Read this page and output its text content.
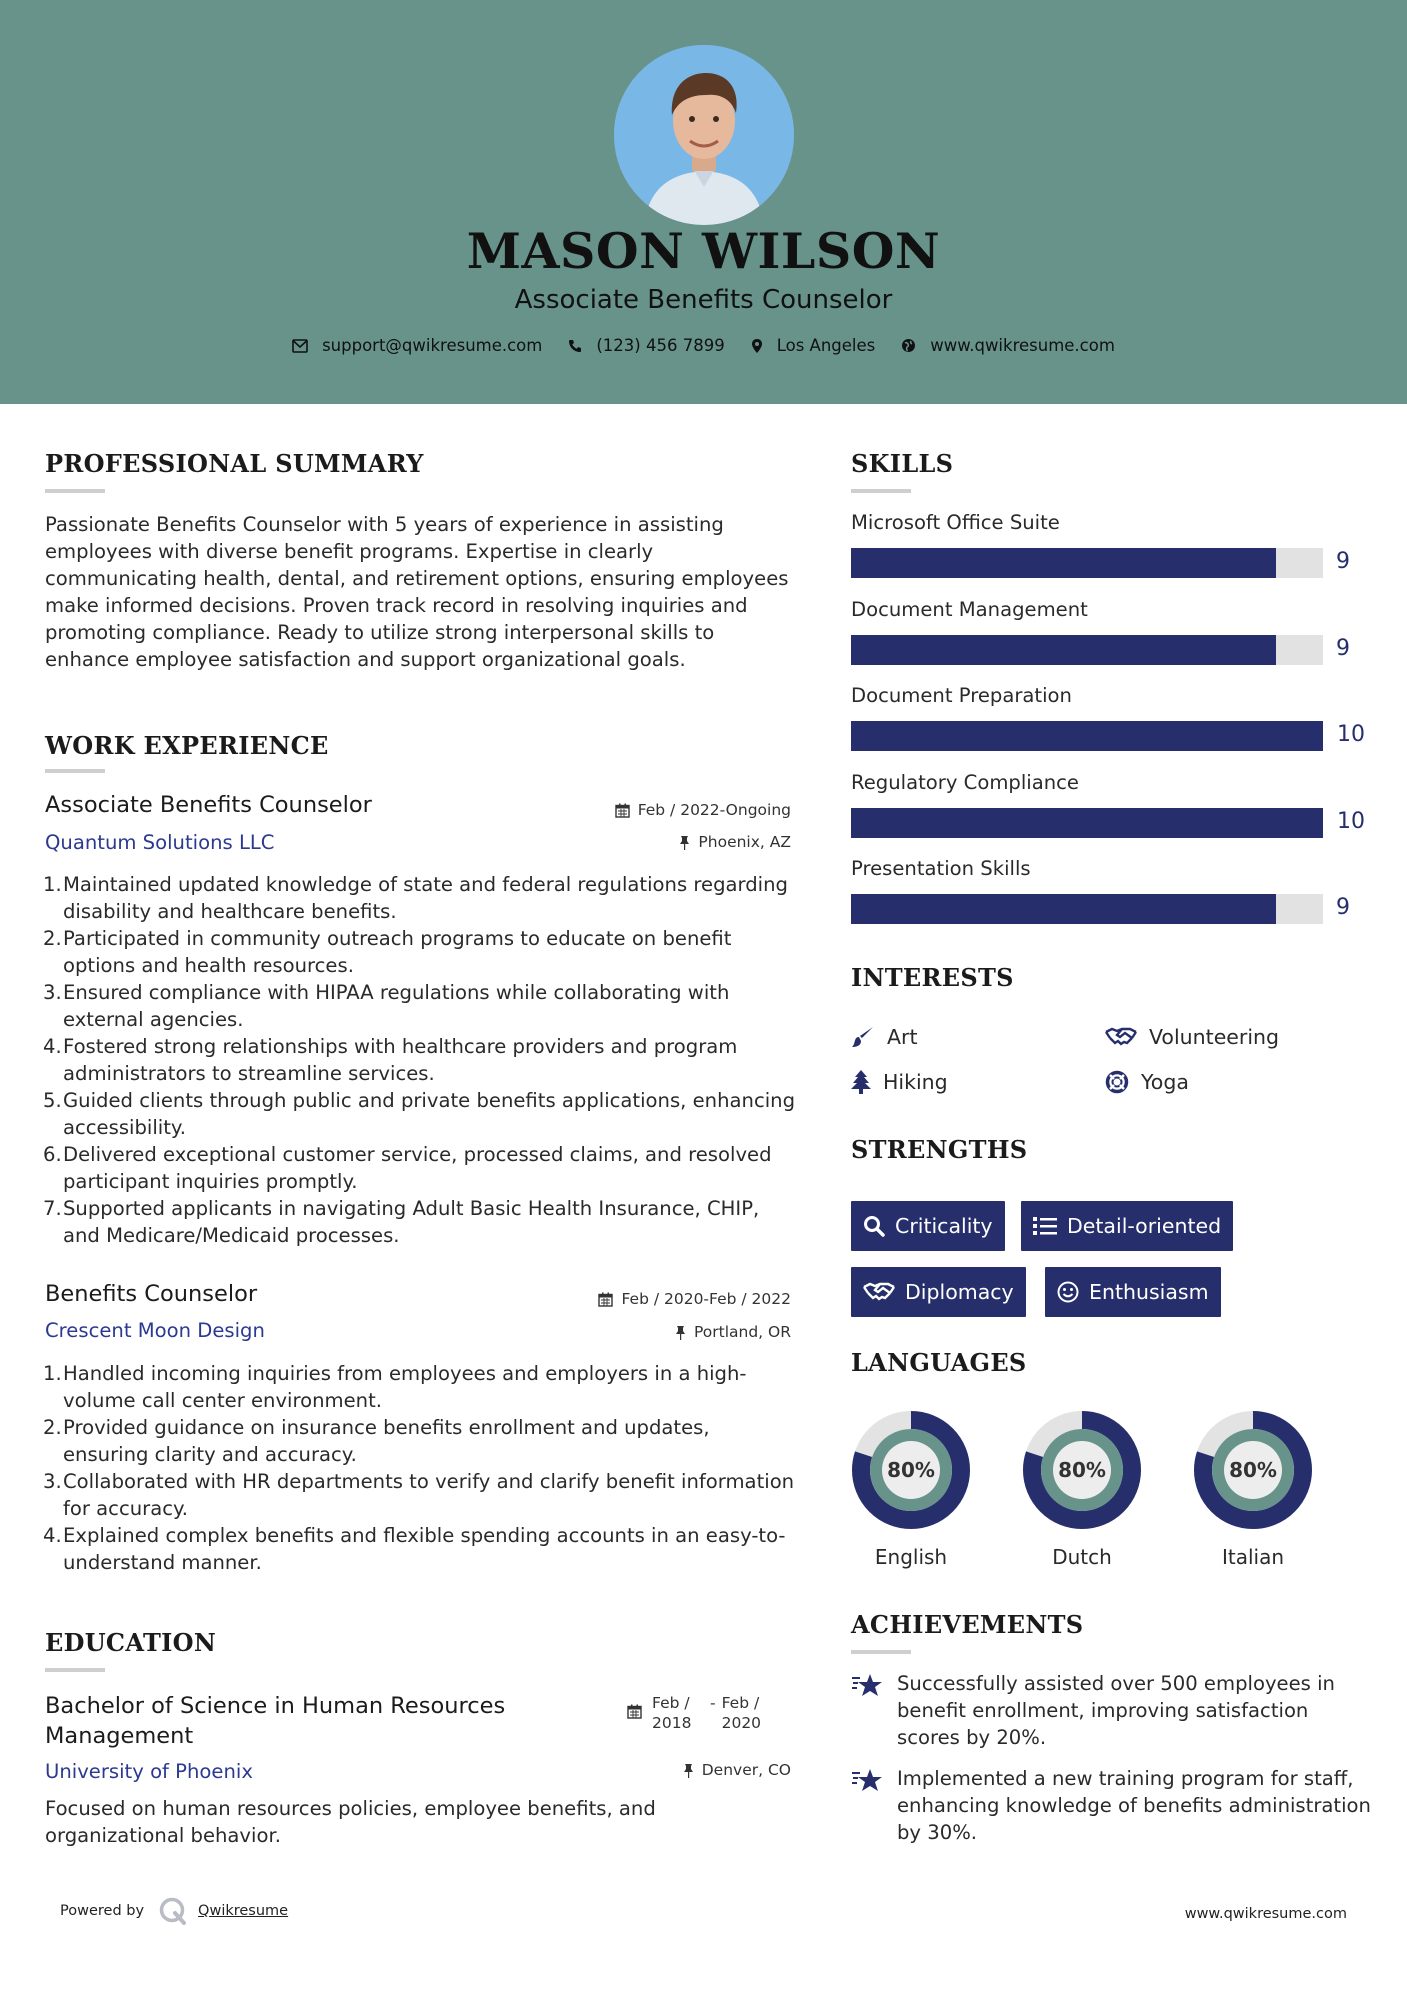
MASON WILSON
Associate Benefits Counselor
support@qwikresume.com	(123) 456 7899	Los Angeles	www.qwikresume.com
PROFESSIONAL SUMMARY
Passionate Benefits Counselor with 5 years of experience in assisting employees with diverse benefit programs. Expertise in clearly communicating health, dental, and retirement options, ensuring employees make informed decisions. Proven track record in resolving inquiries and promoting compliance. Ready to utilize strong interpersonal skills to enhance employee satisfaction and support organizational goals.
WORK EXPERIENCE
Associate Benefits Counselor
Quantum Solutions LLC
Feb / 2022-Ongoing
Phoenix, AZ
1. Maintained updated knowledge of state and federal regulations regarding disability and healthcare benefits.
2. Participated in community outreach programs to educate on benefit options and health resources.
3. Ensured compliance with HIPAA regulations while collaborating with external agencies.
4. Fostered strong relationships with healthcare providers and program administrators to streamline services.
5. Guided clients through public and private benefits applications, enhancing accessibility.
6. Delivered exceptional customer service, processed claims, and resolved participant inquiries promptly.
7. Supported applicants in navigating Adult Basic Health Insurance, CHIP, and Medicare/Medicaid processes.
Benefits Counselor
Crescent Moon Design
Feb / 2020-Feb / 2022
Portland, OR
1. Handled incoming inquiries from employees and employers in a high-volume call center environment.
2. Provided guidance on insurance benefits enrollment and updates, ensuring clarity and accuracy.
3. Collaborated with HR departments to verify and clarify benefit information for accuracy.
4. Explained complex benefits and flexible spending accounts in an easy-to-understand manner.
EDUCATION
Bachelor of Science in Human Resources Management
Feb / 2018
- Feb / 2020
University of Phoenix	Denver, CO
Focused on human resources policies, employee benefits, and organizational behavior.
SKILLS
Microsoft Office Suite
9
Document Management
9
Document Preparation
10
Regulatory Compliance
10
Presentation Skills
9
INTERESTS
Art	Volunteering
Hiking	Yoga
STRENGTHS
Criticality	Detail-oriented
Diplomacy	Enthusiasm
LANGUAGES
80%
English
80%
Dutch
80%
Italian
ACHIEVEMENTS
Successfully assisted over 500 employees in benefit enrollment, improving satisfaction scores by 20%.
Implemented a new training program for staff, enhancing knowledge of benefits administration by 30%.
Powered by	Qwikresume	www.qwikresume.com
